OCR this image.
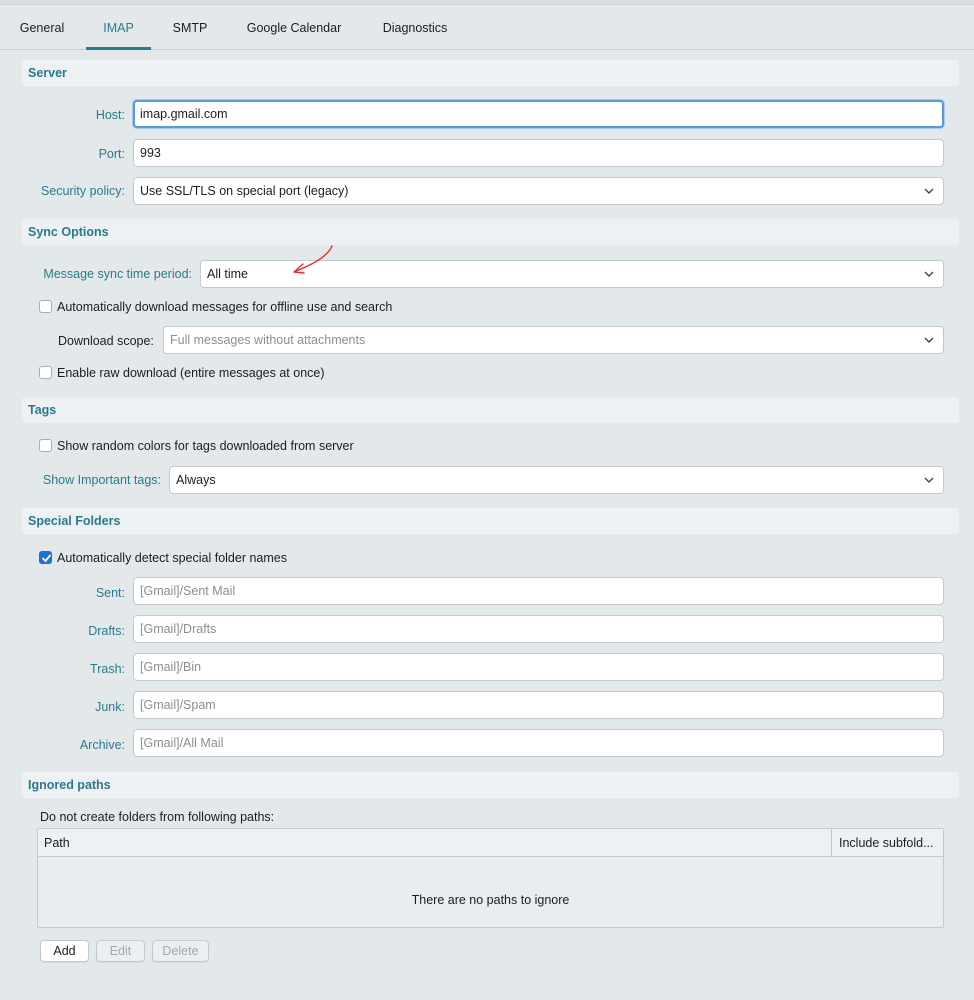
General	IMAP	SMTP	Google Calendar	Diagnostics
Server
Host:	imap.gmail.com
Port:	993
Security policy:	Use SSL/TLS on special port (legacy)
Sync Options
Message sync time period:	All time
Automatically download messages for offline use and search
Download scope:	Full messages without attachments
Enable raw download (entire messages at once)
Tags
Show random colors for tags downloaded from server
Show Important tags:	Always
Special Folders
Automatically detect special folder names
Sent:	[Gmail]/Sent Mail
Drafts:	[Gmail]/Drafts
Trash:	[Gmail]/Bin
Junk:	[Gmail]/Spam
Archive:	[Gmail]/All Mail
Ignored paths
Do not create folders from following paths:
Path	Include subfold...
There are no paths to ignore
Add	Edit	Delete
